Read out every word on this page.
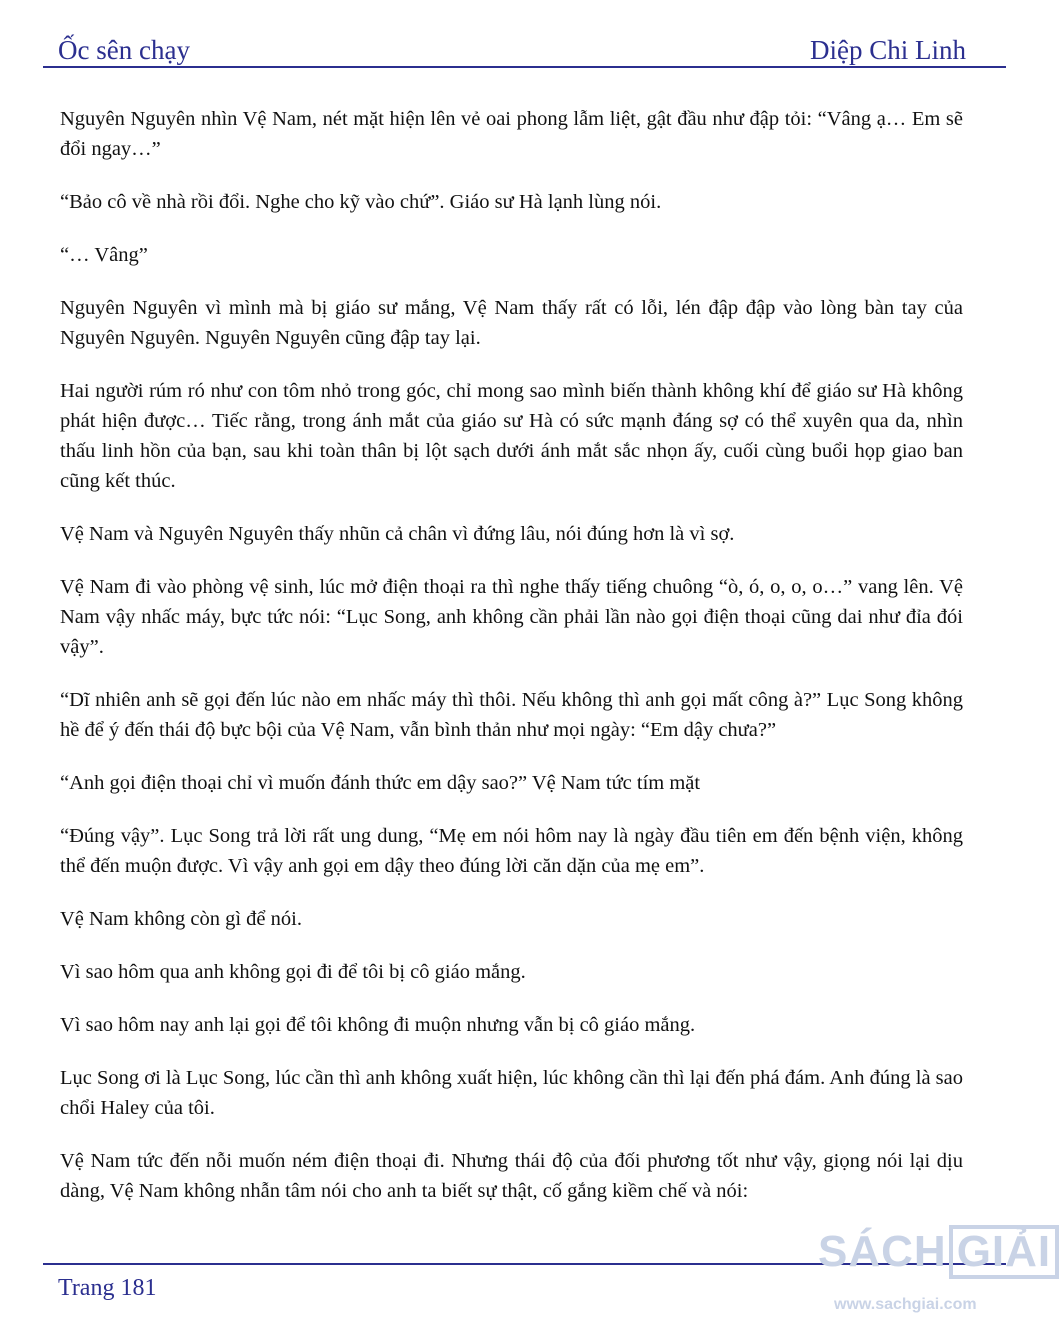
Ốc sên chạy	Diệp Chi Linh

Nguyên Nguyên nhìn Vệ Nam, nét mặt hiện lên vẻ oai phong lẫm liệt, gật đầu như đập tỏi: “Vâng ạ… Em sẽ đổi ngay…”

“Bảo cô về nhà rồi đổi. Nghe cho kỹ vào chứ”. Giáo sư Hà lạnh lùng nói.

“… Vâng”

Nguyên Nguyên vì mình mà bị giáo sư mắng, Vệ Nam thấy rất có lỗi, lén đập đập vào lòng bàn tay của Nguyên Nguyên. Nguyên Nguyên cũng đập tay lại.

Hai người rúm ró như con tôm nhỏ trong góc, chỉ mong sao mình biến thành không khí để giáo sư Hà không phát hiện được… Tiếc rằng, trong ánh mắt của giáo sư Hà có sức mạnh đáng sợ có thể xuyên qua da, nhìn thấu linh hồn của bạn, sau khi toàn thân bị lột sạch dưới ánh mắt sắc nhọn ấy, cuối cùng buổi họp giao ban cũng kết thúc.

Vệ Nam và Nguyên Nguyên thấy nhũn cả chân vì đứng lâu, nói đúng hơn là vì sợ.

Vệ Nam đi vào phòng vệ sinh, lúc mở điện thoại ra thì nghe thấy tiếng chuông “ò, ó, o, o, o…” vang lên. Vệ Nam vậy nhấc máy, bực tức nói: “Lục Song, anh không cần phải lần nào gọi điện thoại cũng dai như đỉa đói vậy”.

“Dĩ nhiên anh sẽ gọi đến lúc nào em nhấc máy thì thôi. Nếu không thì anh gọi mất công à?” Lục Song không hề để ý đến thái độ bực bội của Vệ Nam, vẫn bình thản như mọi ngày: “Em dậy chưa?”

“Anh gọi điện thoại chỉ vì muốn đánh thức em dậy sao?” Vệ Nam tức tím mặt

“Đúng vậy”. Lục Song trả lời rất ung dung, “Mẹ em nói hôm nay là ngày đầu tiên em đến bệnh viện, không thể đến muộn được. Vì vậy anh gọi em dậy theo đúng lời căn dặn của mẹ em”.

Vệ Nam không còn gì để nói.

Vì sao hôm qua anh không gọi đi để tôi bị cô giáo mắng.

Vì sao hôm nay anh lại gọi để tôi không đi muộn nhưng vẫn bị cô giáo mắng.

Lục Song ơi là Lục Song, lúc cần thì anh không xuất hiện, lúc không cần thì lại đến phá đám. Anh đúng là sao chổi Haley của tôi.

Vệ Nam tức đến nỗi muốn ném điện thoại đi. Nhưng thái độ của đối phương tốt như vậy, giọng nói lại dịu dàng, Vệ Nam không nhẫn tâm nói cho anh ta biết sự thật, cố gắng kiềm chế và nói:

Trang 181
SÁCH GIẢI
www.sachgiai.com
